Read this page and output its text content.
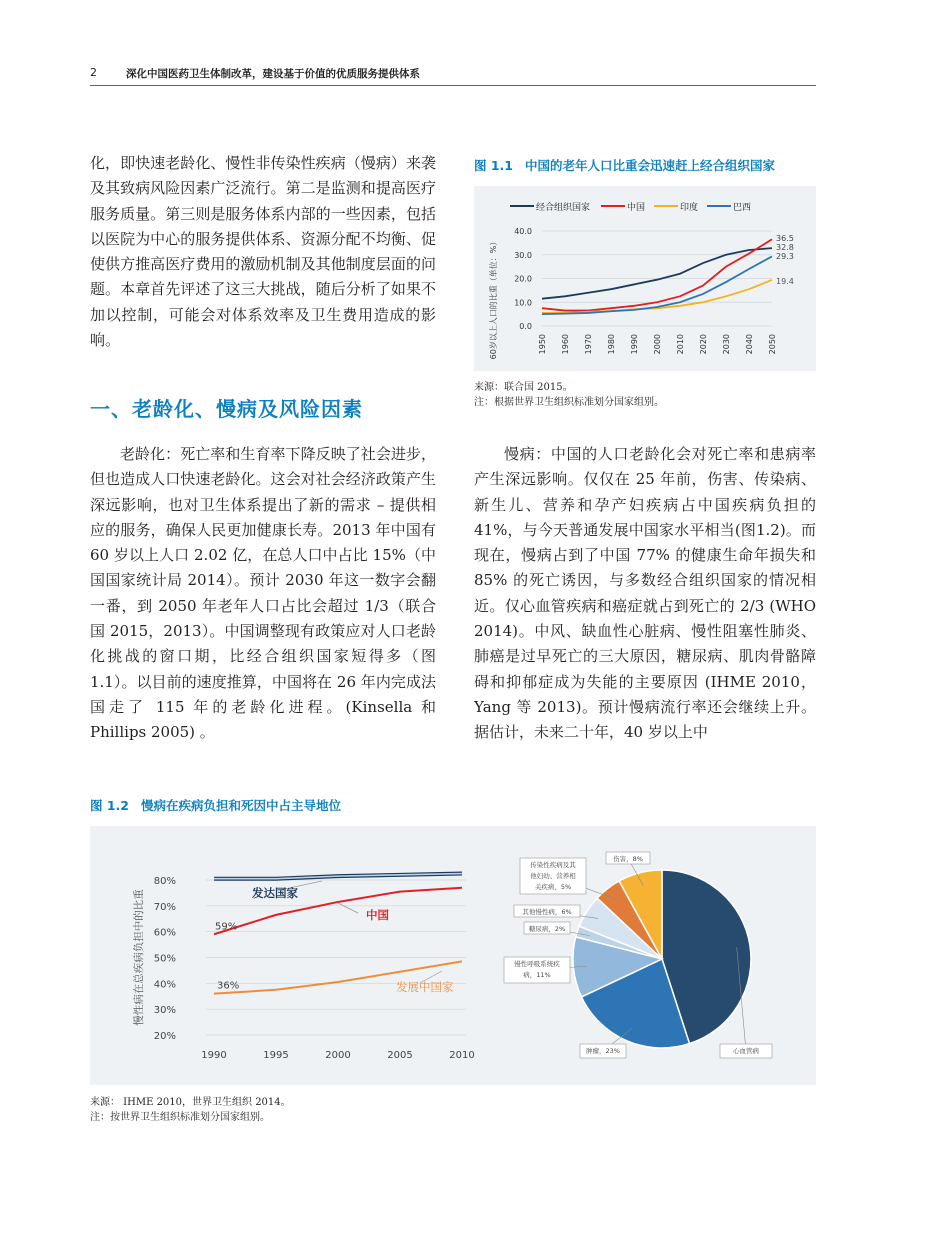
2	深化中国医药卫生体制改革，建设基于价值的优质服务提供体系

化，即快速老龄化、慢性非传染性疾病（慢病）来袭及其致病风险因素广泛流行。第二是监测和提高医疗服务质量。第三则是服务体系内部的一些因素，包括以医院为中心的服务提供体系、资源分配不均衡、促使供方推高医疗费用的激励机制及其他制度层面的问题。本章首先评述了这三大挑战，随后分析了如果不加以控制，可能会对体系效率及卫生费用造成的影响。

一、老龄化、慢病及风险因素

老龄化：死亡率和生育率下降反映了社会进步，但也造成人口快速老龄化。这会对社会经济政策产生深远影响，也对卫生体系提出了新的需求 – 提供相应的服务，确保人民更加健康长寿。2013 年中国有 60 岁以上人口 2.02 亿，在总人口中占比 15%（中国国家统计局 2014）。预计 2030 年这一数字会翻一番，到 2050 年老年人口占比会超过 1/3（联合国 2015，2013）。中国调整现有政策应对人口老龄化挑战的窗口期，比经合组织国家短得多（图 1.1）。以目前的速度推算，中国将在 26 年内完成法国走了 115 年的老龄化进程。(Kinsella 和 Phillips 2005) 。

图 1.1 中国的老年人口比重会迅速赶上经合组织国家
60岁以上人口的比重（单位：%）	0.0
10.0
20.0
30.0
40.0
1950 1960 1970 1980 1990 2000 2010 2020 2030 2040 2050
经合组织国家	中国	印度	巴西
32.8
36.5
19.4
29.3
来源：联合国 2015。
注：根据世界卫生组织标准划分国家组别。

慢病：中国的人口老龄化会对死亡率和患病率产生深远影响。仅仅在 25 年前，伤害、传染病、新生儿、营养和孕产妇疾病占中国疾病负担的41%，与今天普通发展中国家水平相当(图1.2)。而现在，慢病占到了中国 77% 的健康生命年损失和 85% 的死亡诱因，与多数经合组织国家的情况相近。仅心血管疾病和癌症就占到死亡的 2/3 (WHO 2014)。中风、缺血性心脏病、慢性阻塞性肺炎、肺癌是过早死亡的三大原因，糖尿病、肌肉骨骼障碍和抑郁症成为失能的主要原因 (IHME 2010，Yang 等 2013)。预计慢病流行率还会继续上升。据估计，未来二十年，40 岁以上中

图 1.2 慢病在疾病负担和死因中占主导地位
慢性病在总疾病负担中的比重
20%
30%
40%
50%
60%
70%
80%
1990	1995	2000	2005	2010
59%
36%
发达国家
中国
发展中国家
心血管病
肿瘤，23%
慢性呼吸系统疾
病，11%
糖尿病，2%
其他慢性病，6%
传染性疾病及其
他妇幼、营养相
关疾病，5%
伤害，8%
来源： IHME 2010，世界卫生组织 2014。
注：按世界卫生组织标准划分国家组别。
